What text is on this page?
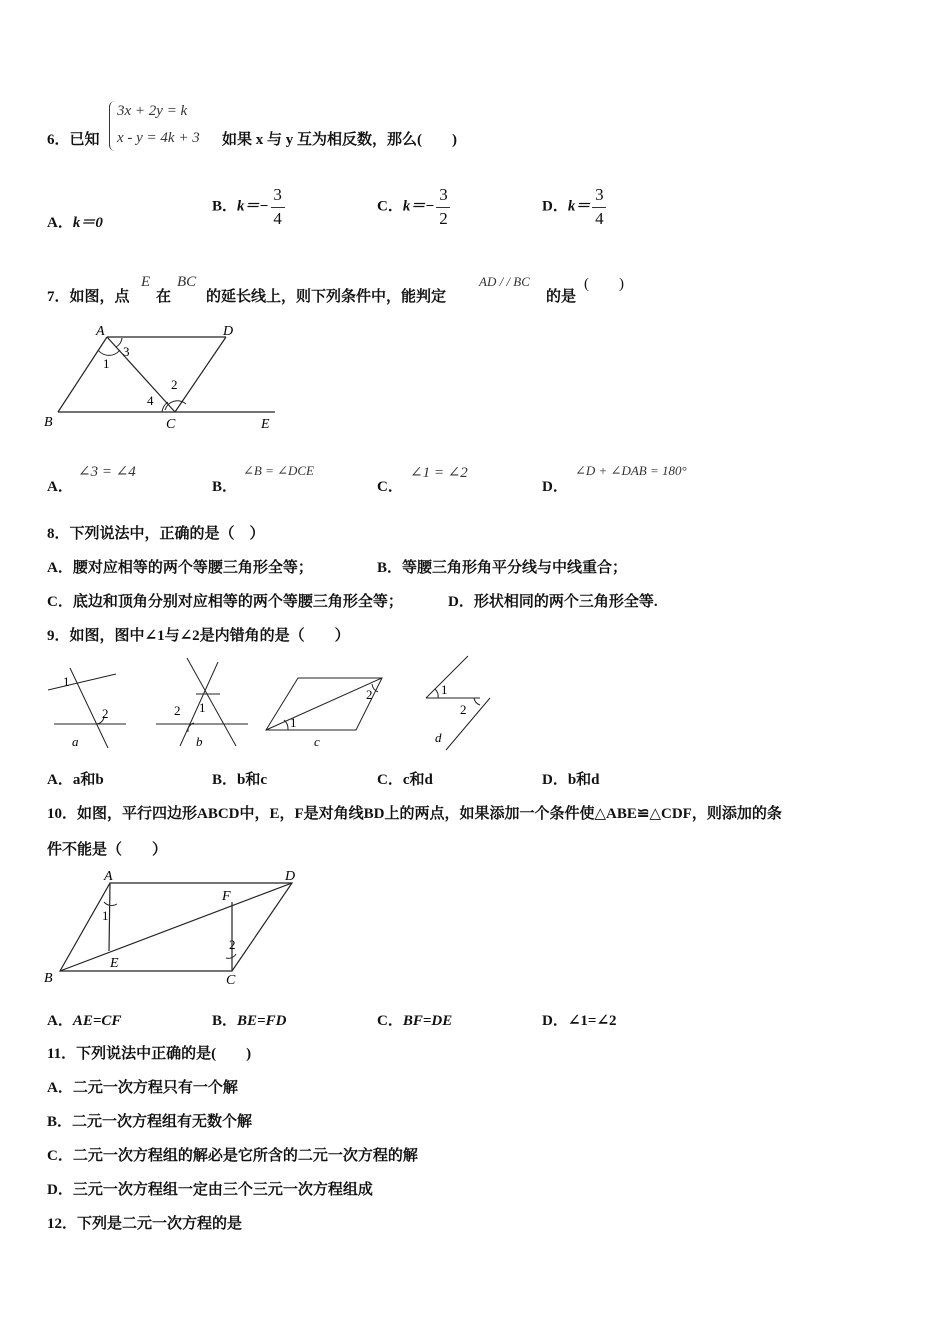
6．已知
3x + 2y = k
x - y = 4k + 3 如果 x 与 y 互为相反数，那么(　　)
A．k＝0
B．$k=- \frac{3}{4}$	C．$k=- \frac{3}{2}$	D．$k= \frac{3}{4}$
7．如图，点
E
在
BC
的延长线上，则下列条件中，能判定
AD / / BC
的是
(　　)
A	D
B	C	E
1
3
2
4
A．
∠3 = ∠4
B．
∠B = ∠DCE
C．
∠1 = ∠2
D．
∠D + ∠DAB = 180°
8．下列说法中，正确的是（　）
A．腰对应相等的两个等腰三角形全等；	B．等腰三角形角平分线与中线重合；
C．底边和顶角分别对应相等的两个等腰三角形全等；	D．形状相同的两个三角形全等.
9．如图，图中∠1与∠2是内错角的是（　　）
1
2
a
2 1
b
1
2
c
1
2
d
A．a和b	B．b和c	C．c和d	D．b和d
10．如图，平行四边形ABCD中，E，F是对角线BD上的两点，如果添加一个条件使△ABE≌△CDF，则添加的条
件不能是（　　）
A	D
B	C
E
F
1
2
A．AE=CF	B．BE=FD	C．BF=DE	D．∠1=∠2
11．下列说法中正确的是(　　)
A．二元一次方程只有一个解
B．二元一次方程组有无数个解
C．二元一次方程组的解必是它所含的二元一次方程的解
D．三元一次方程组一定由三个三元一次方程组成
12．下列是二元一次方程的是
